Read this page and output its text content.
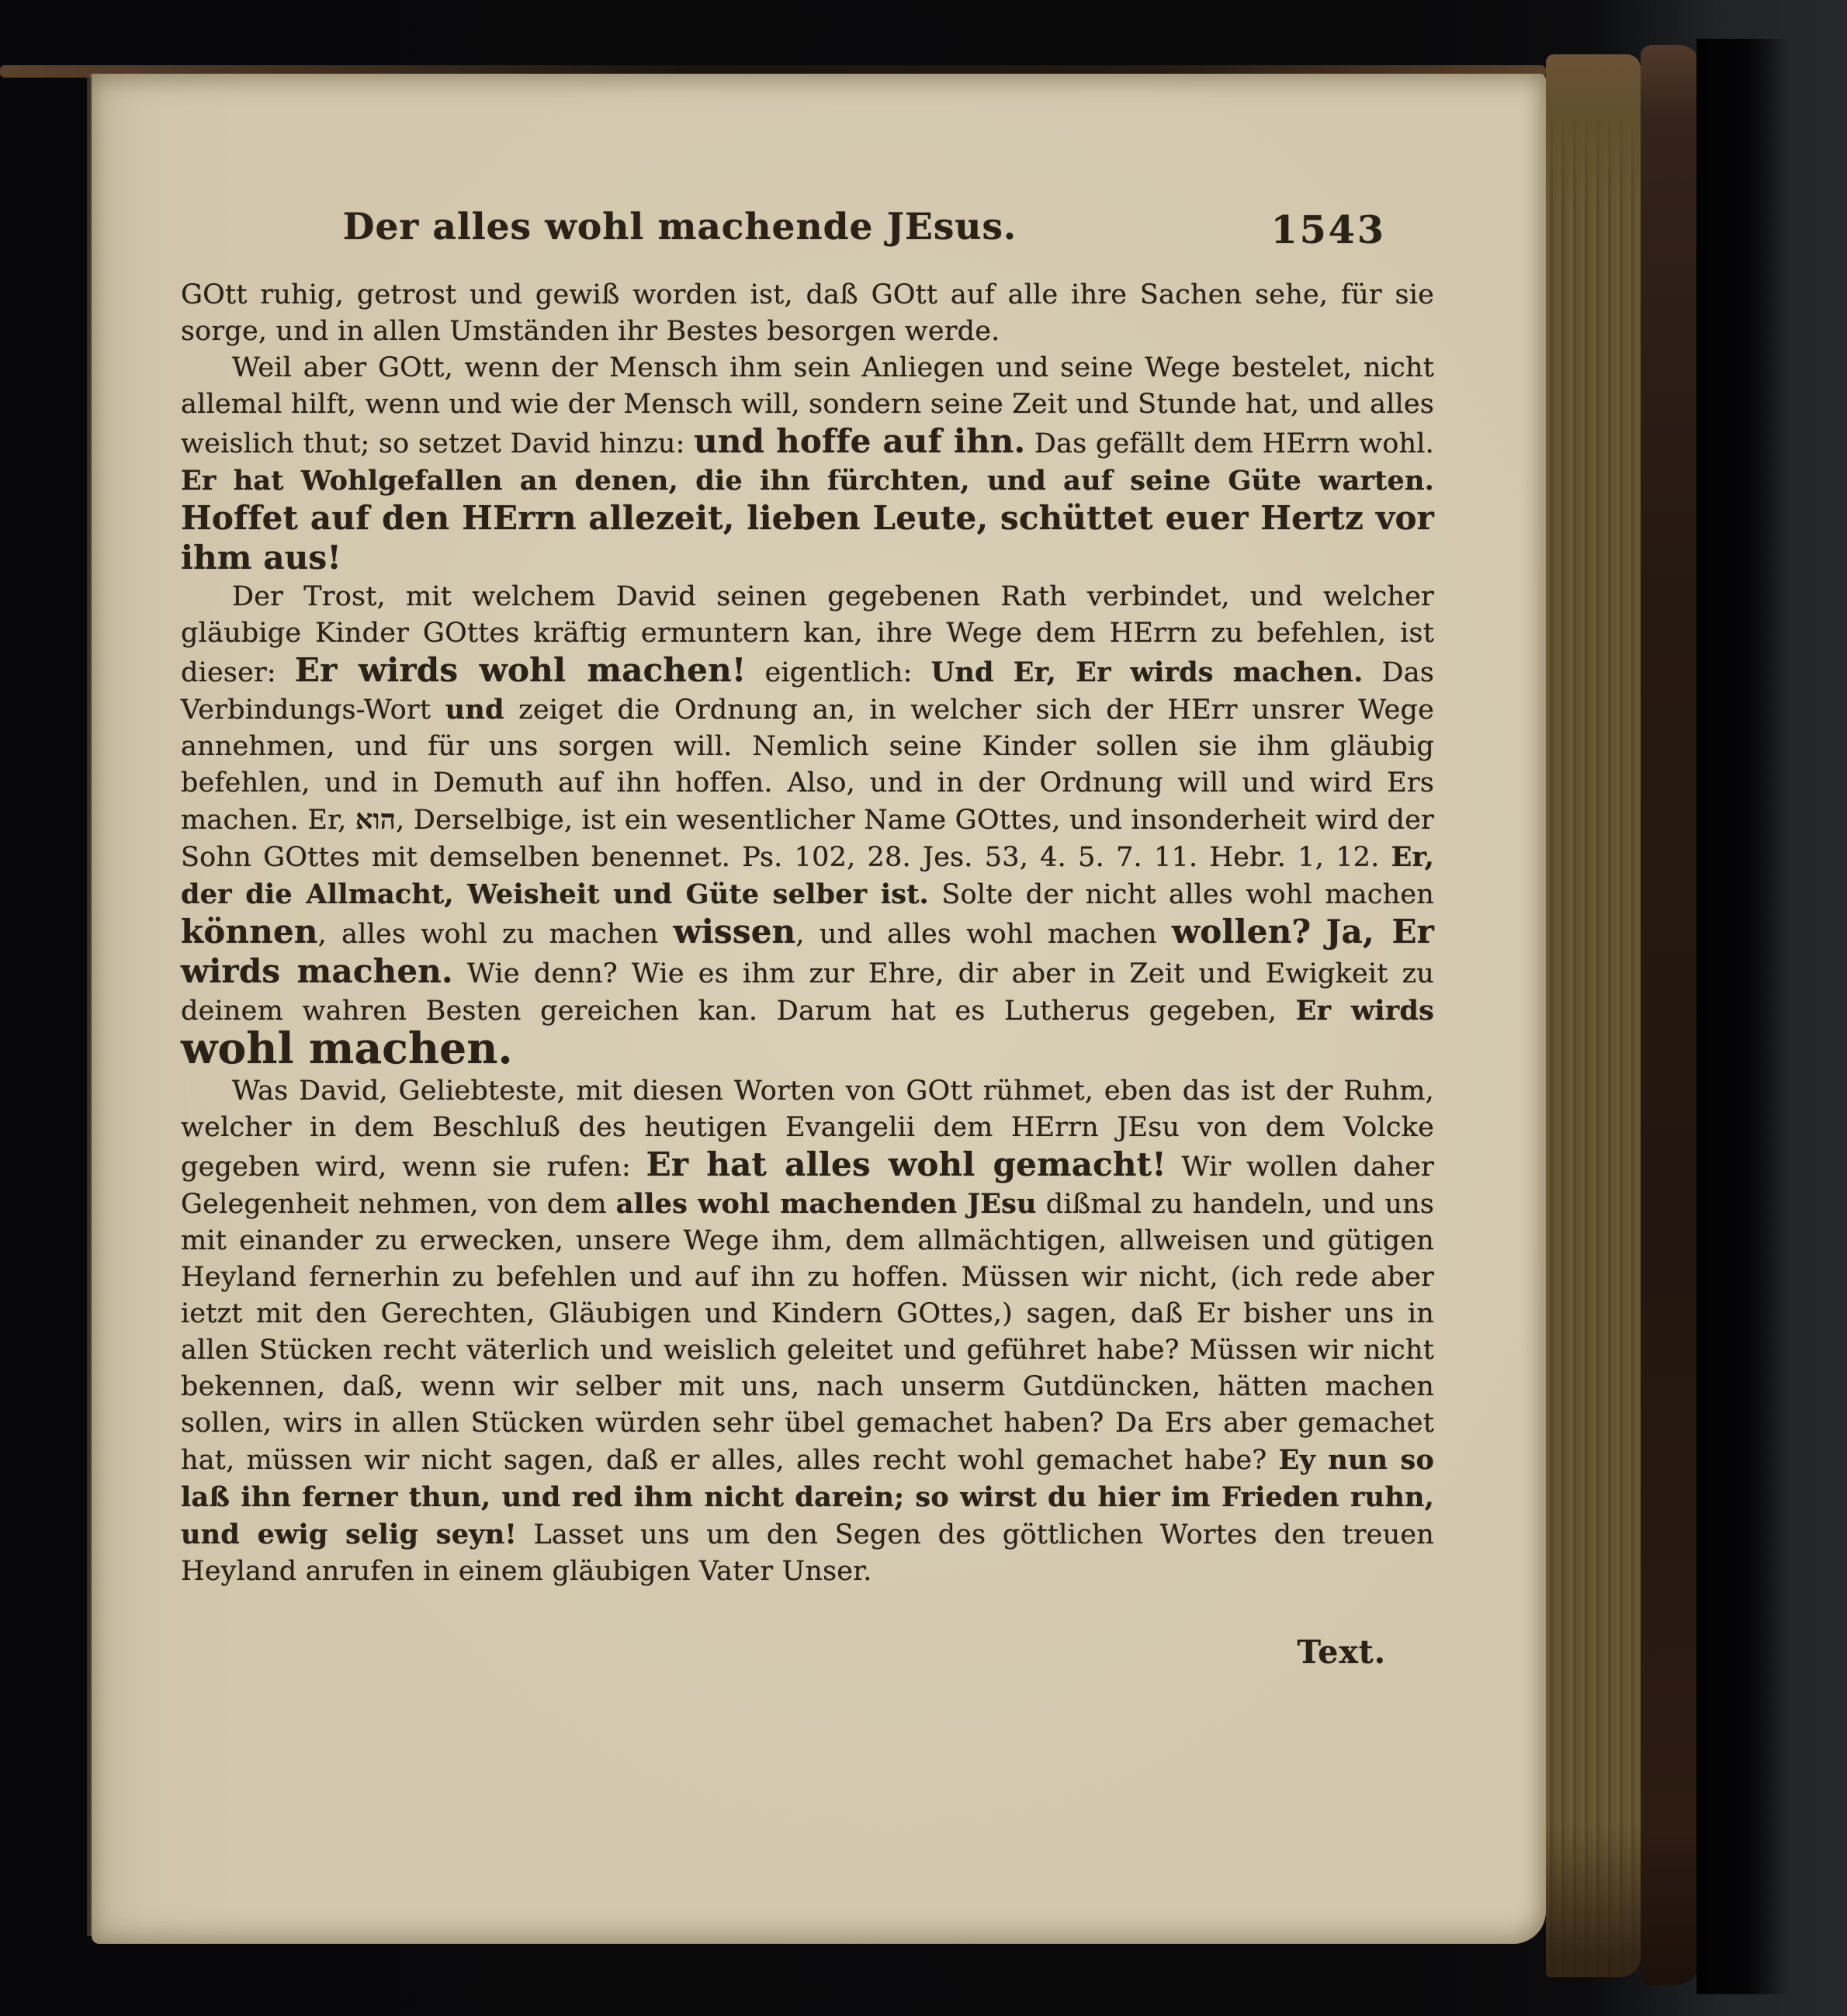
Der alles wohl machende JEsus.	1543

GOtt ruhig, getrost und gewiß worden ist, daß GOtt auf alle ihre Sachen sehe, für sie sorge, und in allen Umständen ihr Bestes besorgen werde.

Weil aber GOtt, wenn der Mensch ihm sein Anliegen und seine Wege bestelet, nicht allemal hilft, wenn und wie der Mensch will, sondern seine Zeit und Stunde hat, und alles weislich thut; so setzet David hinzu: und hoffe auf ihn. Das gefällt dem HErrn wohl. Er hat Wohlgefallen an denen, die ihn fürchten, und auf seine Güte warten. Hoffet auf den HErrn allezeit, lieben Leute, schüttet euer Hertz vor ihm aus!

Der Trost, mit welchem David seinen gegebenen Rath verbindet, und welcher gläubige Kinder GOttes kräftig ermuntern kan, ihre Wege dem HErrn zu befehlen, ist dieser: Er wirds wohl machen! eigentlich: Und Er, Er wirds machen. Das Verbindungs-Wort und zeiget die Ordnung an, in welcher sich der HErr unsrer Wege annehmen, und für uns sorgen will. Nemlich seine Kinder sollen sie ihm gläubig befehlen, und in Demuth auf ihn hoffen. Also, und in der Ordnung will und wird Ers machen. Er, הוא, Derselbige, ist ein wesentlicher Name GOttes, und insonderheit wird der Sohn GOttes mit demselben benennet. Ps. 102, 28. Jes. 53, 4. 5. 7. 11. Hebr. 1, 12. Er, der die Allmacht, Weisheit und Güte selber ist. Solte der nicht alles wohl machen können, alles wohl zu machen wissen, und alles wohl machen wollen? Ja, Er wirds machen. Wie denn? Wie es ihm zur Ehre, dir aber in Zeit und Ewigkeit zu deinem wahren Besten gereichen kan. Darum hat es Lutherus gegeben, Er wirds wohl machen.

Was David, Geliebteste, mit diesen Worten von GOtt rühmet, eben das ist der Ruhm, welcher in dem Beschluß des heutigen Evangelii dem HErrn JEsu von dem Volcke gegeben wird, wenn sie rufen: Er hat alles wohl gemacht! Wir wollen daher Gelegenheit nehmen, von dem alles wohl machenden JEsu dißmal zu handeln, und uns mit einander zu erwecken, unsere Wege ihm, dem allmächtigen, allweisen und gütigen Heyland fernerhin zu befehlen und auf ihn zu hoffen. Müssen wir nicht, (ich rede aber ietzt mit den Gerechten, Gläubigen und Kindern GOttes,) sagen, daß Er bisher uns in allen Stücken recht väterlich und weislich geleitet und geführet habe? Müssen wir nicht bekennen, daß, wenn wir selber mit uns, nach unserm Gutdüncken, hätten machen sollen, wirs in allen Stücken würden sehr übel gemachet haben? Da Ers aber gemachet hat, müssen wir nicht sagen, daß er alles, alles recht wohl gemachet habe? Ey nun so laß ihn ferner thun, und red ihm nicht darein; so wirst du hier im Frieden ruhn, und ewig selig seyn! Lasset uns um den Segen des göttlichen Wortes den treuen Heyland anrufen in einem gläubigen Vater Unser.

Text.
